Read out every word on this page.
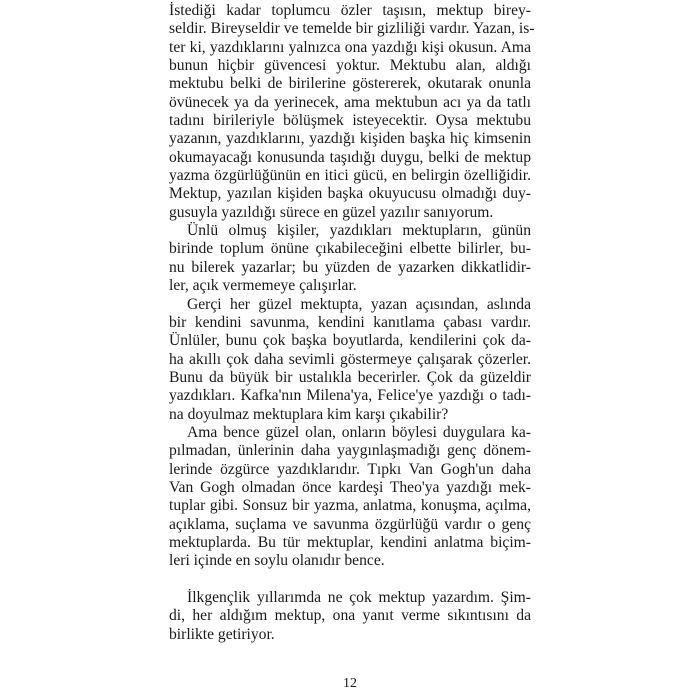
İstediği kadar toplumcu özler taşısın, mektup birey-
seldir. Bireyseldir ve temelde bir gizliliği vardır. Yazan, is-
ter ki, yazdıklarını yalnızca ona yazdığı kişi okusun. Ama
bunun hiçbir güvencesi yoktur. Mektubu alan, aldığı
mektubu belki de birilerine göstererek, okutarak onunla
övünecek ya da yerinecek, ama mektubun acı ya da tatlı
tadını birileriyle bölüşmek isteyecektir. Oysa mektubu
yazanın, yazdıklarını, yazdığı kişiden başka hiç kimsenin
okumayacağı konusunda taşıdığı duygu, belki de mektup
yazma özgürlüğünün en itici gücü, en belirgin özelliğidir.
Mektup, yazılan kişiden başka okuyucusu olmadığı duy-
gusuyla yazıldığı sürece en güzel yazılır sanıyorum.
Ünlü olmuş kişiler, yazdıkları mektupların, günün
birinde toplum önüne çıkabileceğini elbette bilirler, bu-
nu bilerek yazarlar; bu yüzden de yazarken dikkatlidir-
ler, açık vermemeye çalışırlar.
Gerçi her güzel mektupta, yazan açısından, aslında
bir kendini savunma, kendini kanıtlama çabası vardır.
Ünlüler, bunu çok başka boyutlarda, kendilerini çok da-
ha akıllı çok daha sevimli göstermeye çalışarak çözerler.
Bunu da büyük bir ustalıkla becerirler. Çok da güzeldir
yazdıkları. Kafka'nın Milena'ya, Felice'ye yazdığı o tadı-
na doyulmaz mektuplara kim karşı çıkabilir?
Ama bence güzel olan, onların böylesi duygulara ka-
pılmadan, ünlerinin daha yaygınlaşmadığı genç dönem-
lerinde özgürce yazdıklarıdır. Tıpkı Van Gogh'un daha
Van Gogh olmadan önce kardeşi Theo'ya yazdığı mek-
tuplar gibi. Sonsuz bir yazma, anlatma, konuşma, açılma,
açıklama, suçlama ve savunma özgürlüğü vardır o genç
mektuplarda. Bu tür mektuplar, kendini anlatma biçim-
leri içinde en soylu olanıdır bence.
İlkgençlik yıllarımda ne çok mektup yazardım. Şim-
di, her aldığım mektup, ona yanıt verme sıkıntısını da
birlikte getiriyor.
12
